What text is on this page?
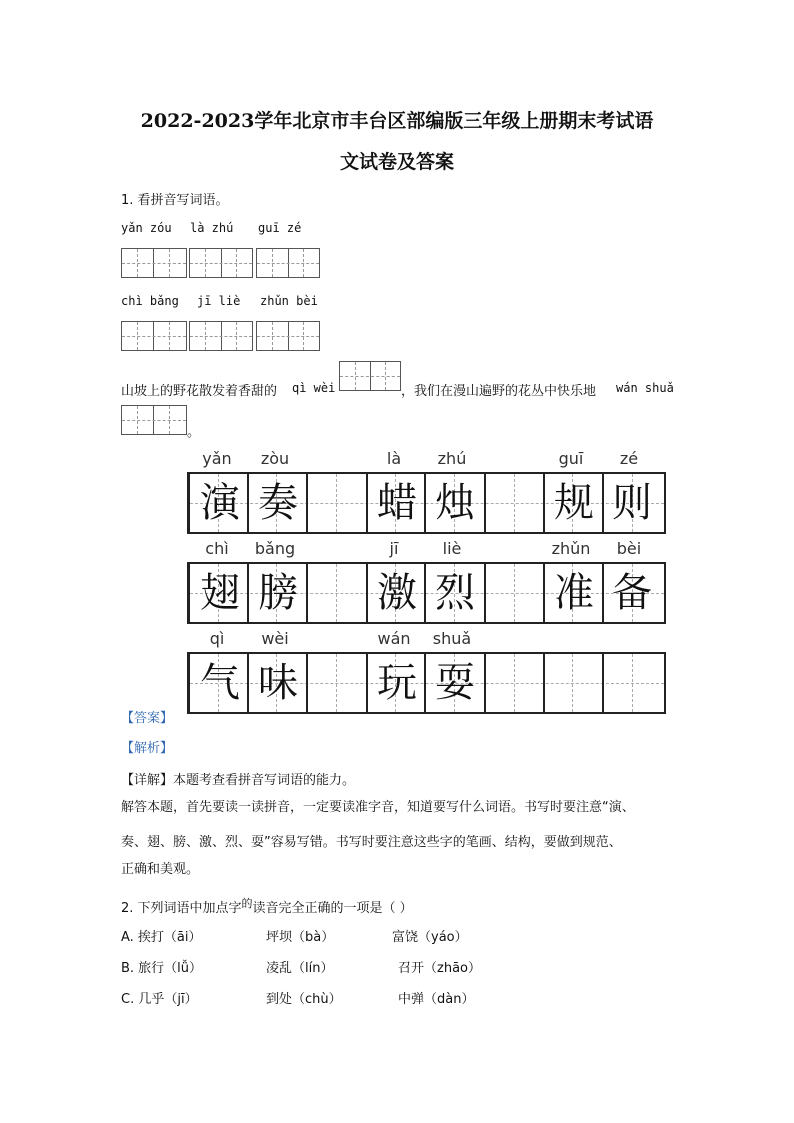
2022-2023学年北京市丰台区部编版三年级上册期末考试语
文试卷及答案
1. 看拼音写词语。
yǎn zóu là zhú guī zé
chì bǎng jī liè zhǔn bèi
山坡上的野花散发着香甜的 qì wèi	，我们在漫山遍野的花丛中快乐地 wán shuǎ
。
yǎn	zòu	là	zhú	guī	zé
演 奏 蜡 烛 规 则
chì	bǎng	jī	liè	zhǔn	bèi
翅 膀 激 烈 准 备
qì	wèi	wán	shuǎ
气 味 玩 耍
【答案】
【解析】
【详解】本题考查看拼音写词语的能力。
解答本题，首先要读一读拼音，一定要读准字音，知道要写什么词语。书写时要注意“演、
奏、翅、膀、激、烈、耍”容易写错。书写时要注意这些字的笔画、结构，要做到规范、
正确和美观。
2. 下列词语中加点字$^的$读音完全正确的一项是（ ）
A. 挨打（āi）	坪坝（bà）	富饶（yáo）
B. 旅行（lǚ）	凌乱（lín）	召开（zhāo）
C. 几乎（jī）	到处（chù）	中弹（dàn）
